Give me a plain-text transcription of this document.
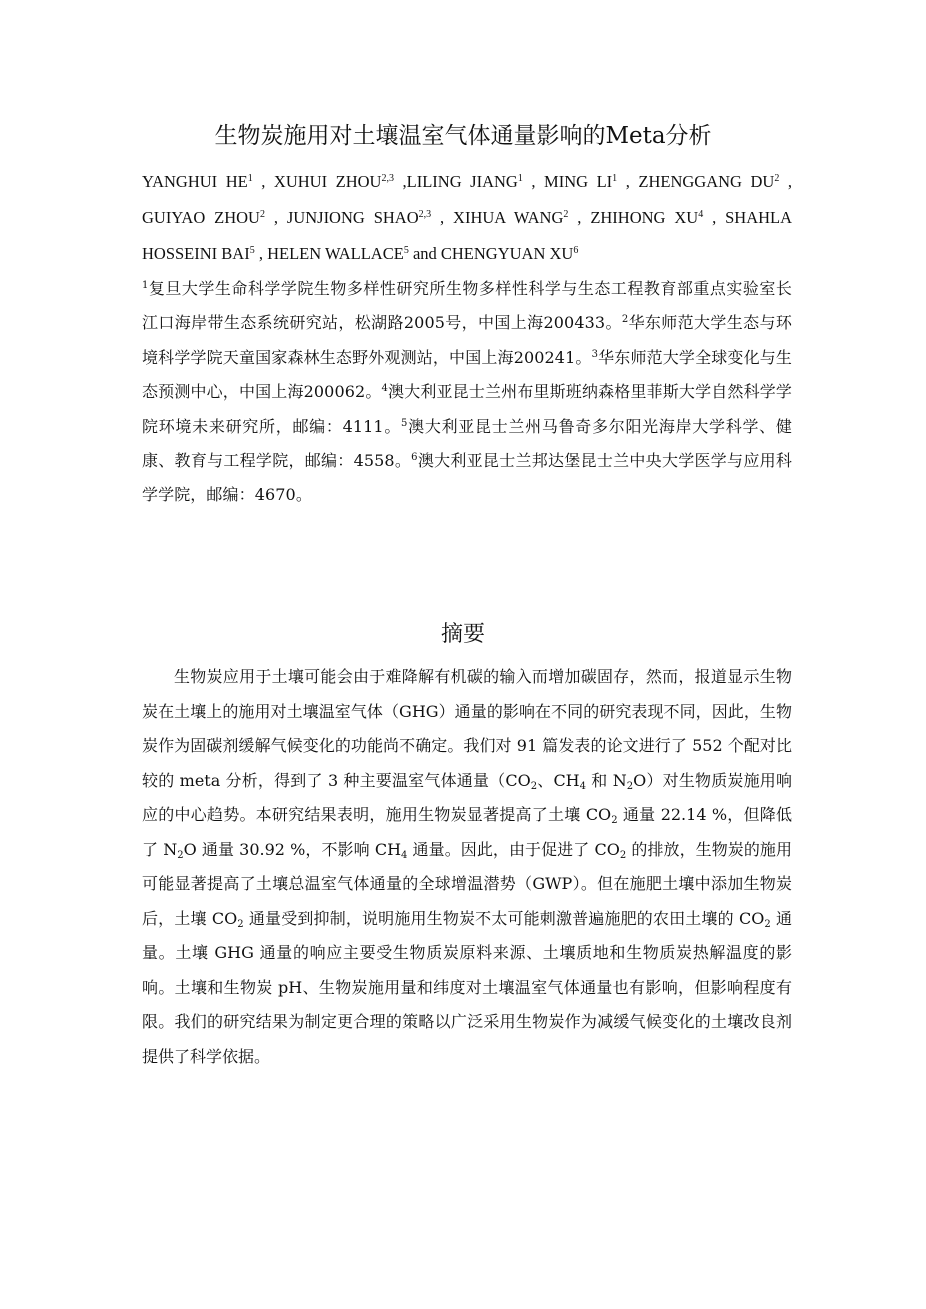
生物炭施用对土壤温室气体通量影响的Meta分析
YANGHUI $HE^1$ , XUHUI ZHOU$^{2,3}$ ,LILING JIANG$^1$ , MING $LI^1$ , ZHENGGANG $DU^2$ , GUIYAO ZHOU$^2$ , JUNJIONG SHAO$^{2,3}$ , XIHUA WANG$^2$ , ZHIHONG $XU^4$ , SHAHLA HOSSEINI BAI$^5$ , HELEN WALLACE$^5$ and CHENGYUAN $XU^6$
$^1$复旦大学生命科学学院生物多样性研究所生物多样性科学与生态工程教育部重点实验室长江口海岸带生态系统研究站，松湖路2005号，中国上海200433。$^2$华东师范大学生态与环境科学学院天童国家森林生态野外观测站，中国上海200241。$^3$华东师范大学全球变化与生态预测中心，中国上海200062。$^4$澳大利亚昆士兰州布里斯班纳森格里菲斯大学自然科学学院环境未来研究所，邮编：4111。$^5$澳大利亚昆士兰州马鲁奇多尔阳光海岸大学科学、健康、教育与工程学院，邮编：4558。$^6$澳大利亚昆士兰邦达堡昆士兰中央大学医学与应用科学学院，邮编：4670。
摘要
生物炭应用于土壤可能会由于难降解有机碳的输入而增加碳固存，然而，报道显示生物炭在土壤上的施用对土壤温室气体（GHG）通量的影响在不同的研究表现不同，因此，生物炭作为固碳剂缓解气候变化的功能尚不确定。我们对 91 篇发表的论文进行了 552 个配对比较的 meta 分析，得到了 3 种主要温室气体通量（$CO_2$、$CH_4$ 和 $N_2O$）对生物质炭施用响应的中心趋势。本研究结果表明，施用生物炭显著提高了土壤 $CO_2$ 通量 22.14 %，但降低了 $N_2O$ 通量 30.92 %，不影响 $CH_4$ 通量。因此，由于促进了 $CO_2$ 的排放，生物炭的施用可能显著提高了土壤总温室气体通量的全球增温潜势（GWP）。但在施肥土壤中添加生物炭后，土壤 $CO_2$ 通量受到抑制，说明施用生物炭不太可能刺激普遍施肥的农田土壤的 $CO_2$ 通量。土壤 GHG 通量的响应主要受生物质炭原料来源、土壤质地和生物质炭热解温度的影响。土壤和生物炭 pH、生物炭施用量和纬度对土壤温室气体通量也有影响，但影响程度有限。我们的研究结果为制定更合理的策略以广泛采用生物炭作为减缓气候变化的土壤改良剂提供了科学依据。
